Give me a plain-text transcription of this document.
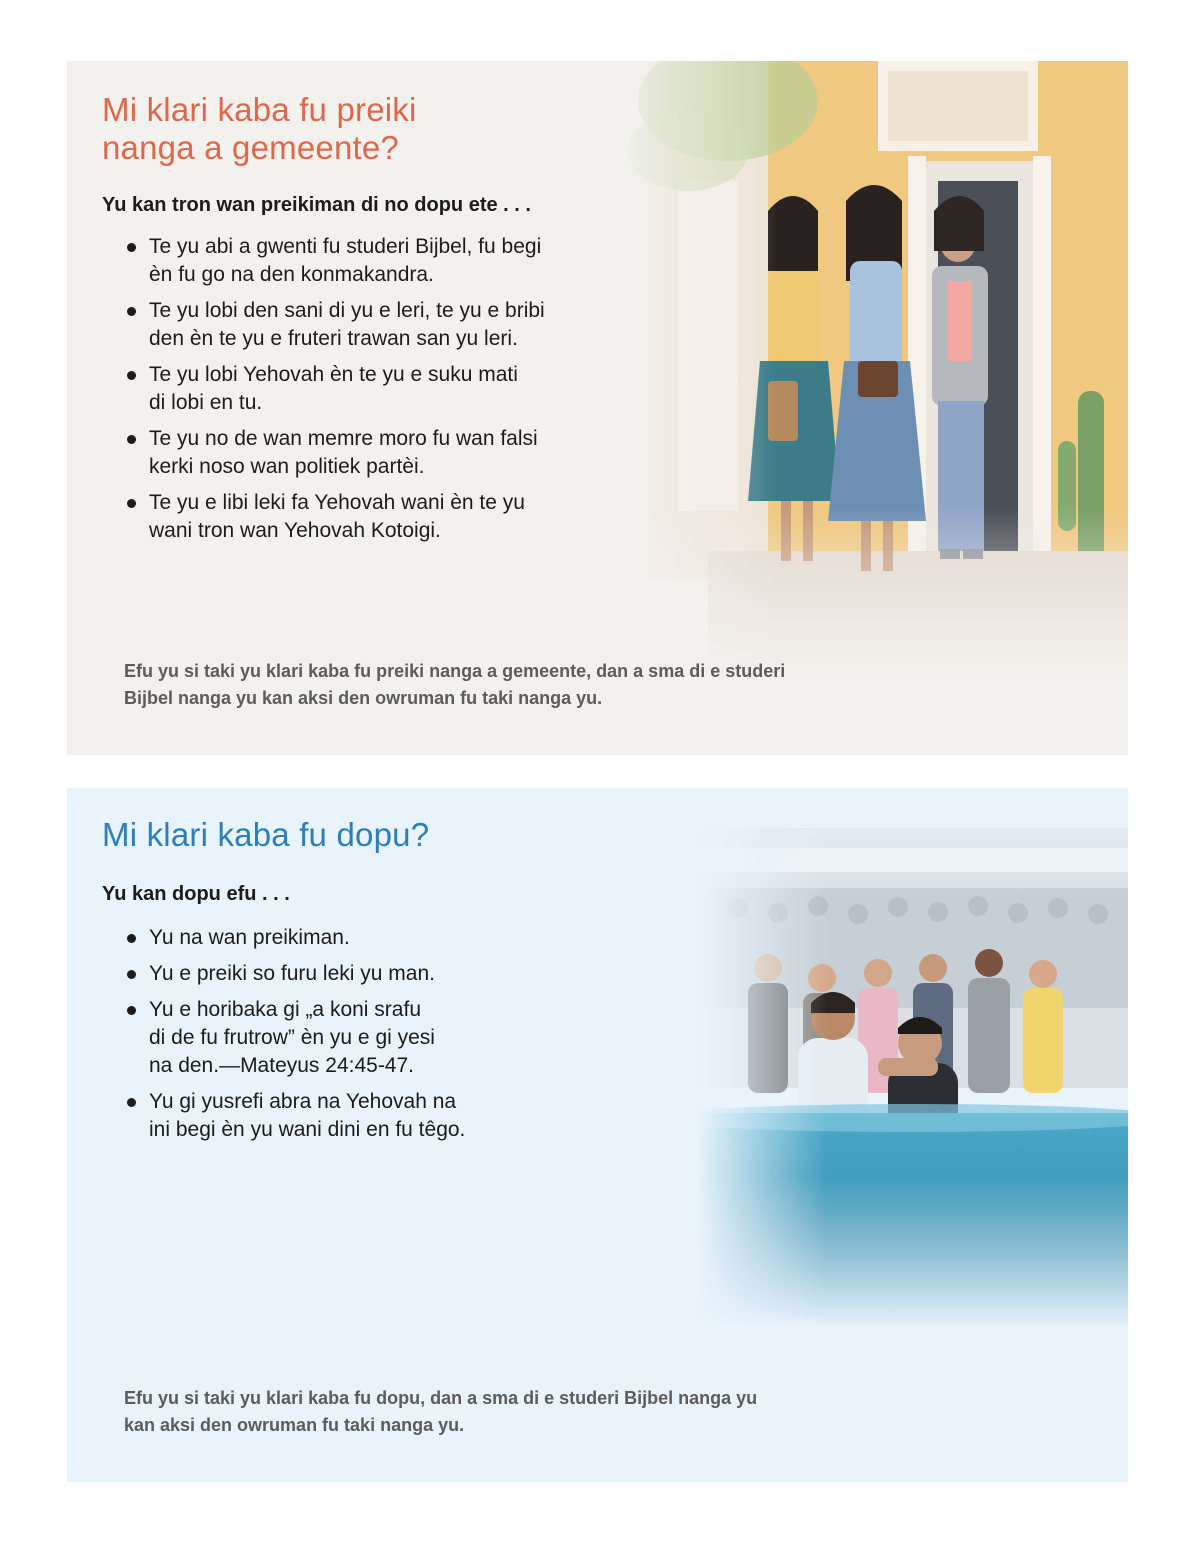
Mi klari kaba fu preiki
nanga a gemeente?

Yu kan tron wan preikiman di no dopu ete . . .

Te yu abi a gwenti fu studeri Bijbel, fu begi
èn fu go na den konmakandra.
Te yu lobi den sani di yu e leri, te yu e bribi
den èn te yu e fruteri trawan san yu leri.
Te yu lobi Yehovah èn te yu e suku mati
di lobi en tu.
Te yu no de wan memre moro fu wan falsi
kerki noso wan politiek partèi.
Te yu e libi leki fa Yehovah wani èn te yu
wani tron wan Yehovah Kotoigi.

Efu yu si taki yu klari kaba fu preiki nanga a gemeente, dan a sma di e studeri
Bijbel nanga yu kan aksi den owruman fu taki nanga yu.

Mi klari kaba fu dopu?

Yu kan dopu efu . . .

Yu na wan preikiman.
Yu e preiki so furu leki yu man.
Yu e horibaka gi „a koni srafu
di de fu frutrow” èn yu e gi yesi
na den.—Mateyus 24:45-47.
Yu gi yusrefi abra na Yehovah na
ini begi èn yu wani dini en fu têgo.

Efu yu si taki yu klari kaba fu dopu, dan a sma di e studeri Bijbel nanga yu
kan aksi den owruman fu taki nanga yu.
